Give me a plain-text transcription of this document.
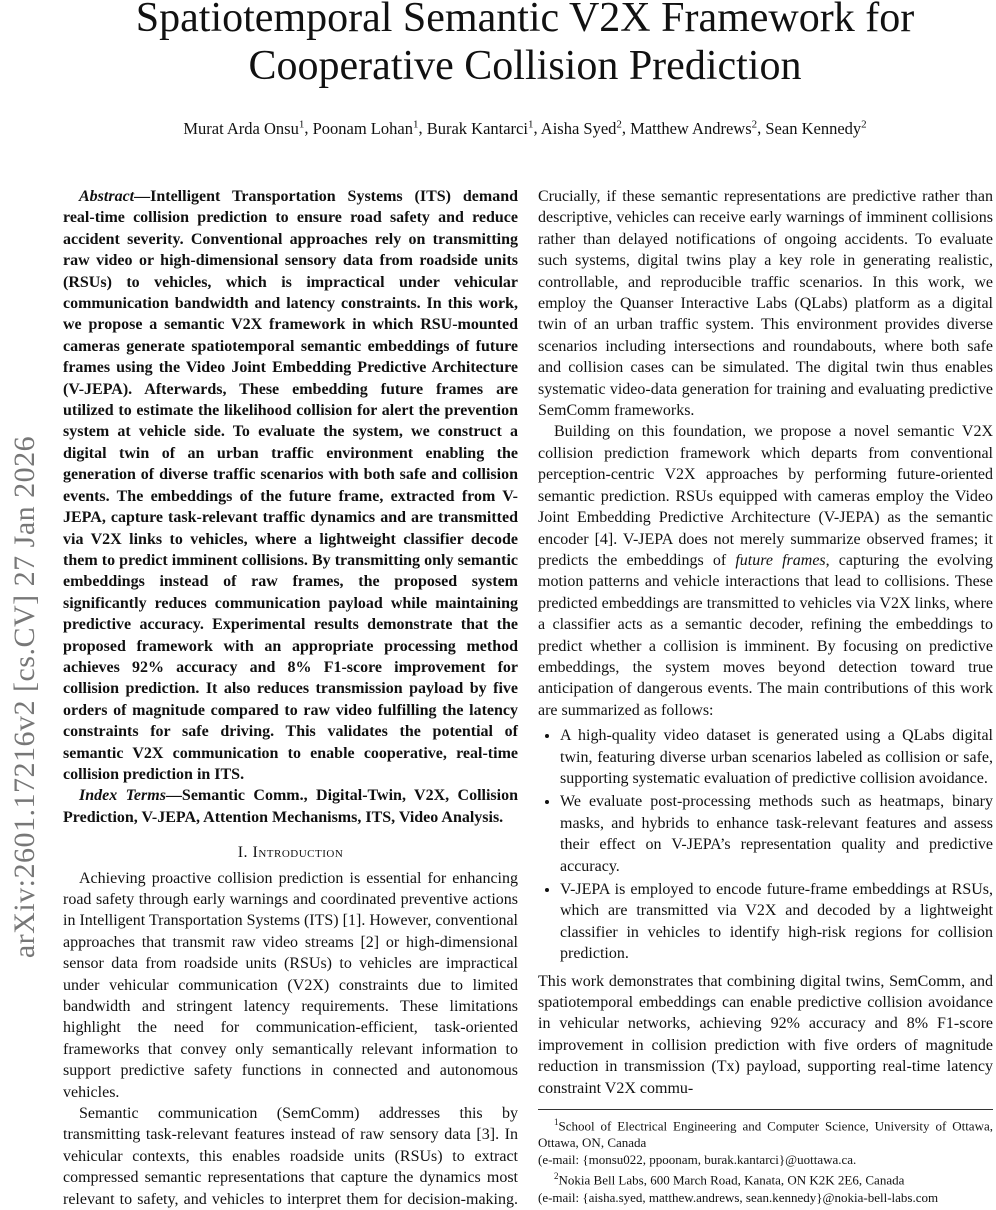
Spatiotemporal Semantic V2X Framework for
Cooperative Collision Prediction
Murat Arda Onsu$^1$, Poonam Lohan$^1$, Burak Kantarci$^1$, Aisha Syed$^2$, Matthew Andrews$^2$, Sean Kennedy$^2$
arXiv:2601.17216v2 [cs.CV] 27 Jan 2026

Abstract—Intelligent Transportation Systems (ITS) demand real-time collision prediction to ensure road safety and reduce accident severity. Conventional approaches rely on transmitting raw video or high-dimensional sensory data from roadside units (RSUs) to vehicles, which is impractical under vehicular communication bandwidth and latency constraints. In this work, we propose a semantic V2X framework in which RSU-mounted cameras generate spatiotemporal semantic embeddings of future frames using the Video Joint Embedding Predictive Architecture (V-JEPA). Afterwards, These embedding future frames are utilized to estimate the likelihood collision for alert the prevention system at vehicle side. To evaluate the system, we construct a digital twin of an urban traffic environment enabling the generation of diverse traffic scenarios with both safe and collision events. The embeddings of the future frame, extracted from V-JEPA, capture task-relevant traffic dynamics and are transmitted via V2X links to vehicles, where a lightweight classifier decode them to predict imminent collisions. By transmitting only semantic embeddings instead of raw frames, the proposed system significantly reduces communication payload while maintaining predictive accuracy. Experimental results demonstrate that the proposed framework with an appropriate processing method achieves 92% accuracy and 8% F1-score improvement for collision prediction. It also reduces transmission payload by five orders of magnitude compared to raw video fulfilling the latency constraints for safe driving. This validates the potential of semantic V2X communication to enable cooperative, real-time collision prediction in ITS.

Index Terms—Semantic Comm., Digital-Twin, V2X, Collision Prediction, V-JEPA, Attention Mechanisms, ITS, Video Analysis.

I. Introduction

Achieving proactive collision prediction is essential for enhancing road safety through early warnings and coordinated preventive actions in Intelligent Transportation Systems (ITS) [1]. However, conventional approaches that transmit raw video streams [2] or high-dimensional sensor data from roadside units (RSUs) to vehicles are impractical under vehicular communication (V2X) constraints due to limited bandwidth and stringent latency requirements. These limitations highlight the need for communication-efficient, task-oriented frameworks that convey only semantically relevant information to support predictive safety functions in connected and autonomous vehicles.

Semantic communication (SemComm) addresses this by transmitting task-relevant features instead of raw sensory data [3]. In vehicular contexts, this enables roadside units (RSUs) to extract compressed semantic representations that capture the dynamics most relevant to safety, and vehicles to interpret them for decision-making. Crucially, if these semantic representations are predictive rather than descriptive, vehicles can receive early warnings of imminent collisions rather than delayed notifications of ongoing accidents. To evaluate such systems, digital twins play a key role in generating realistic, controllable, and reproducible traffic scenarios. In this work, we employ the Quanser Interactive Labs (QLabs) platform as a digital twin of an urban traffic system. This environment provides diverse scenarios including intersections and roundabouts, where both safe and collision cases can be simulated. The digital twin thus enables systematic video-data generation for training and evaluating predictive SemComm frameworks.

Building on this foundation, we propose a novel semantic V2X collision prediction framework which departs from conventional perception-centric V2X approaches by performing future-oriented semantic prediction. RSUs equipped with cameras employ the Video Joint Embedding Predictive Architecture (V-JEPA) as the semantic encoder [4]. V-JEPA does not merely summarize observed frames; it predicts the embeddings of future frames, capturing the evolving motion patterns and vehicle interactions that lead to collisions. These predicted embeddings are transmitted to vehicles via V2X links, where a classifier acts as a semantic decoder, refining the embeddings to predict whether a collision is imminent. By focusing on predictive embeddings, the system moves beyond detection toward true anticipation of dangerous events. The main contributions of this work are summarized as follows:

• A high-quality video dataset is generated using a QLabs digital twin, featuring diverse urban scenarios labeled as collision or safe, supporting systematic evaluation of predictive collision avoidance.
• We evaluate post-processing methods such as heatmaps, binary masks, and hybrids to enhance task-relevant features and assess their effect on V-JEPA’s representation quality and predictive accuracy.
• V-JEPA is employed to encode future-frame embeddings at RSUs, which are transmitted via V2X and decoded by a lightweight classifier in vehicles to identify high-risk regions for collision prediction.

This work demonstrates that combining digital twins, SemComm, and spatiotemporal embeddings can enable predictive collision avoidance in vehicular networks, achieving 92% accuracy and 8% F1-score improvement in collision prediction with five orders of magnitude reduction in transmission (Tx) payload, supporting real-time latency constraint V2X commu-

$^1$School of Electrical Engineering and Computer Science, University of Ottawa, Ottawa, ON, Canada
(e-mail: {monsu022, ppoonam, burak.kantarci}@uottawa.ca.
$^2$Nokia Bell Labs, 600 March Road, Kanata, ON K2K 2E6, Canada
(e-mail: {aisha.syed, matthew.andrews, sean.kennedy}@nokia-bell-labs.com
